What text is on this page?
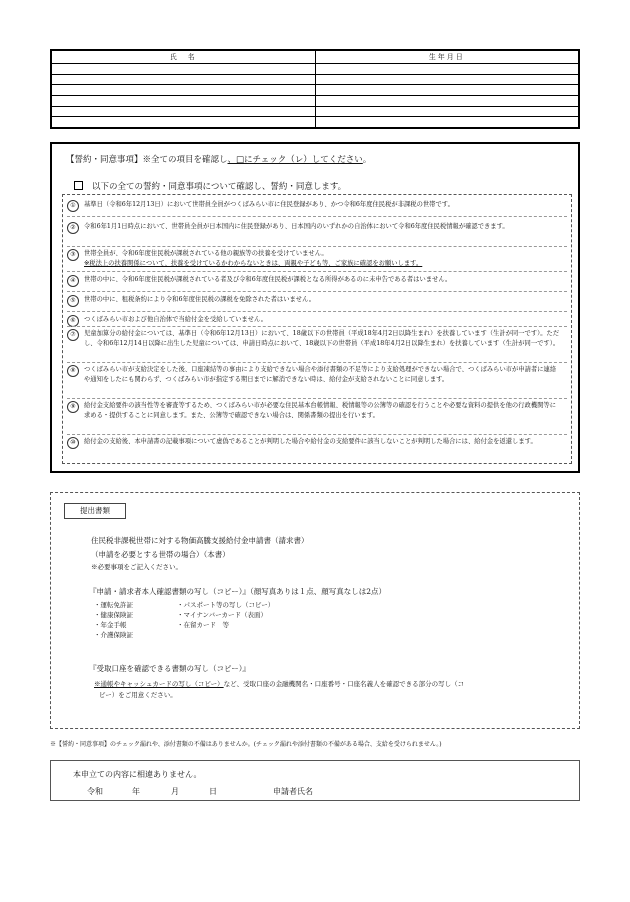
氏　名	生年月日

【誓約・同意事項】※全ての項目を確認し、□にチェック（レ）してください。
以下の全ての誓約・同意事項について確認し、誓約・同意します。
①	基準日（令和6年12月13日）において世帯員全員がつくばみらい市に住民登録があり、かつ令和6年度住民税が非課税の世帯です。
②	令和6年1月1日時点において、世帯員全員が日本国内に住民登録があり、日本国内のいずれかの自治体において令和6年度住民税情報が確認できます。
③	世帯全員が、令和6年度住民税が課税されている他の親族等の扶養を受けていません。
※税法上の扶養関係について、扶養を受けているかわからないときは、両親や子ども等、ご家族に確認をお願いします。
④	世帯の中に、令和6年度住民税が課税されている者及び令和6年度住民税が課税となる所得があるのに未申告である者はいません。
⑤	世帯の中に、租税条約により令和6年度住民税の課税を免除された者はいません。
⑥	つくばみらい市および他自治体で当給付金を受給していません。
⑦	児童加算分の給付金については、基準日（令和6年12月13日）において、18歳以下の世帯員（平成18年4月2日以降生まれ）を扶養しています（生計が同一です）。ただし、令和6年12月14日以降に出生した児童については、申請日時点において、18歳以下の世帯員（平成18年4月2日以降生まれ）を扶養しています（生計が同一です）。
⑧	つくばみらい市が支給決定をした後、口座凍結等の事由により支給できない場合や添付書類の不足等により支給処理ができない場合で、つくばみらい市が申請者に連絡や通知をしたにも関わらず、つくばみらい市が指定する期日までに解消できない時は、給付金が支給されないことに同意します。
⑨	給付金支給要件の該当性等を審査等するため、つくばみらい市が必要な住民基本台帳情報、税情報等の公簿等の確認を行うことや必要な資料の提供を他の行政機関等に求める・提供することに同意します。また、公簿等で確認できない場合は、関係書類の提出を行います。
⑩	給付金の支給後、本申請書の記載事項について虚偽であることが判明した場合や給付金の支給要件に該当しないことが判明した場合には、給付金を返還します。
提出書類
住民税非課税世帯に対する物価高騰支援給付金申請書（請求書）
（申請を必要とする世帯の場合）（本書）
※必要事項をご記入ください。
『申請・請求者本人確認書類の写し（コピー）』（顔写真ありは１点、顔写真なしは2点）
・運転免許証
・健康保険証
・年金手帳
・介護保険証
・パスポート等の写し（コピー）
・マイナンバーカード（表面）
・在留カード　等
『受取口座を確認できる書類の写し（コピー）』
※通帳やキャッシュカードの写し（コピー）など、受取口座の金融機関名・口座番号・口座名義人を確認できる部分の写し（コ
ピー）をご用意ください。
※【誓約・同意事項】のチェック漏れや、添付書類の不備はありませんか。(チェック漏れや添付書類の不備がある場合、支給を受けられません。)
本申立ての内容に相違ありません。
令和	年	月	日	申請者氏名
